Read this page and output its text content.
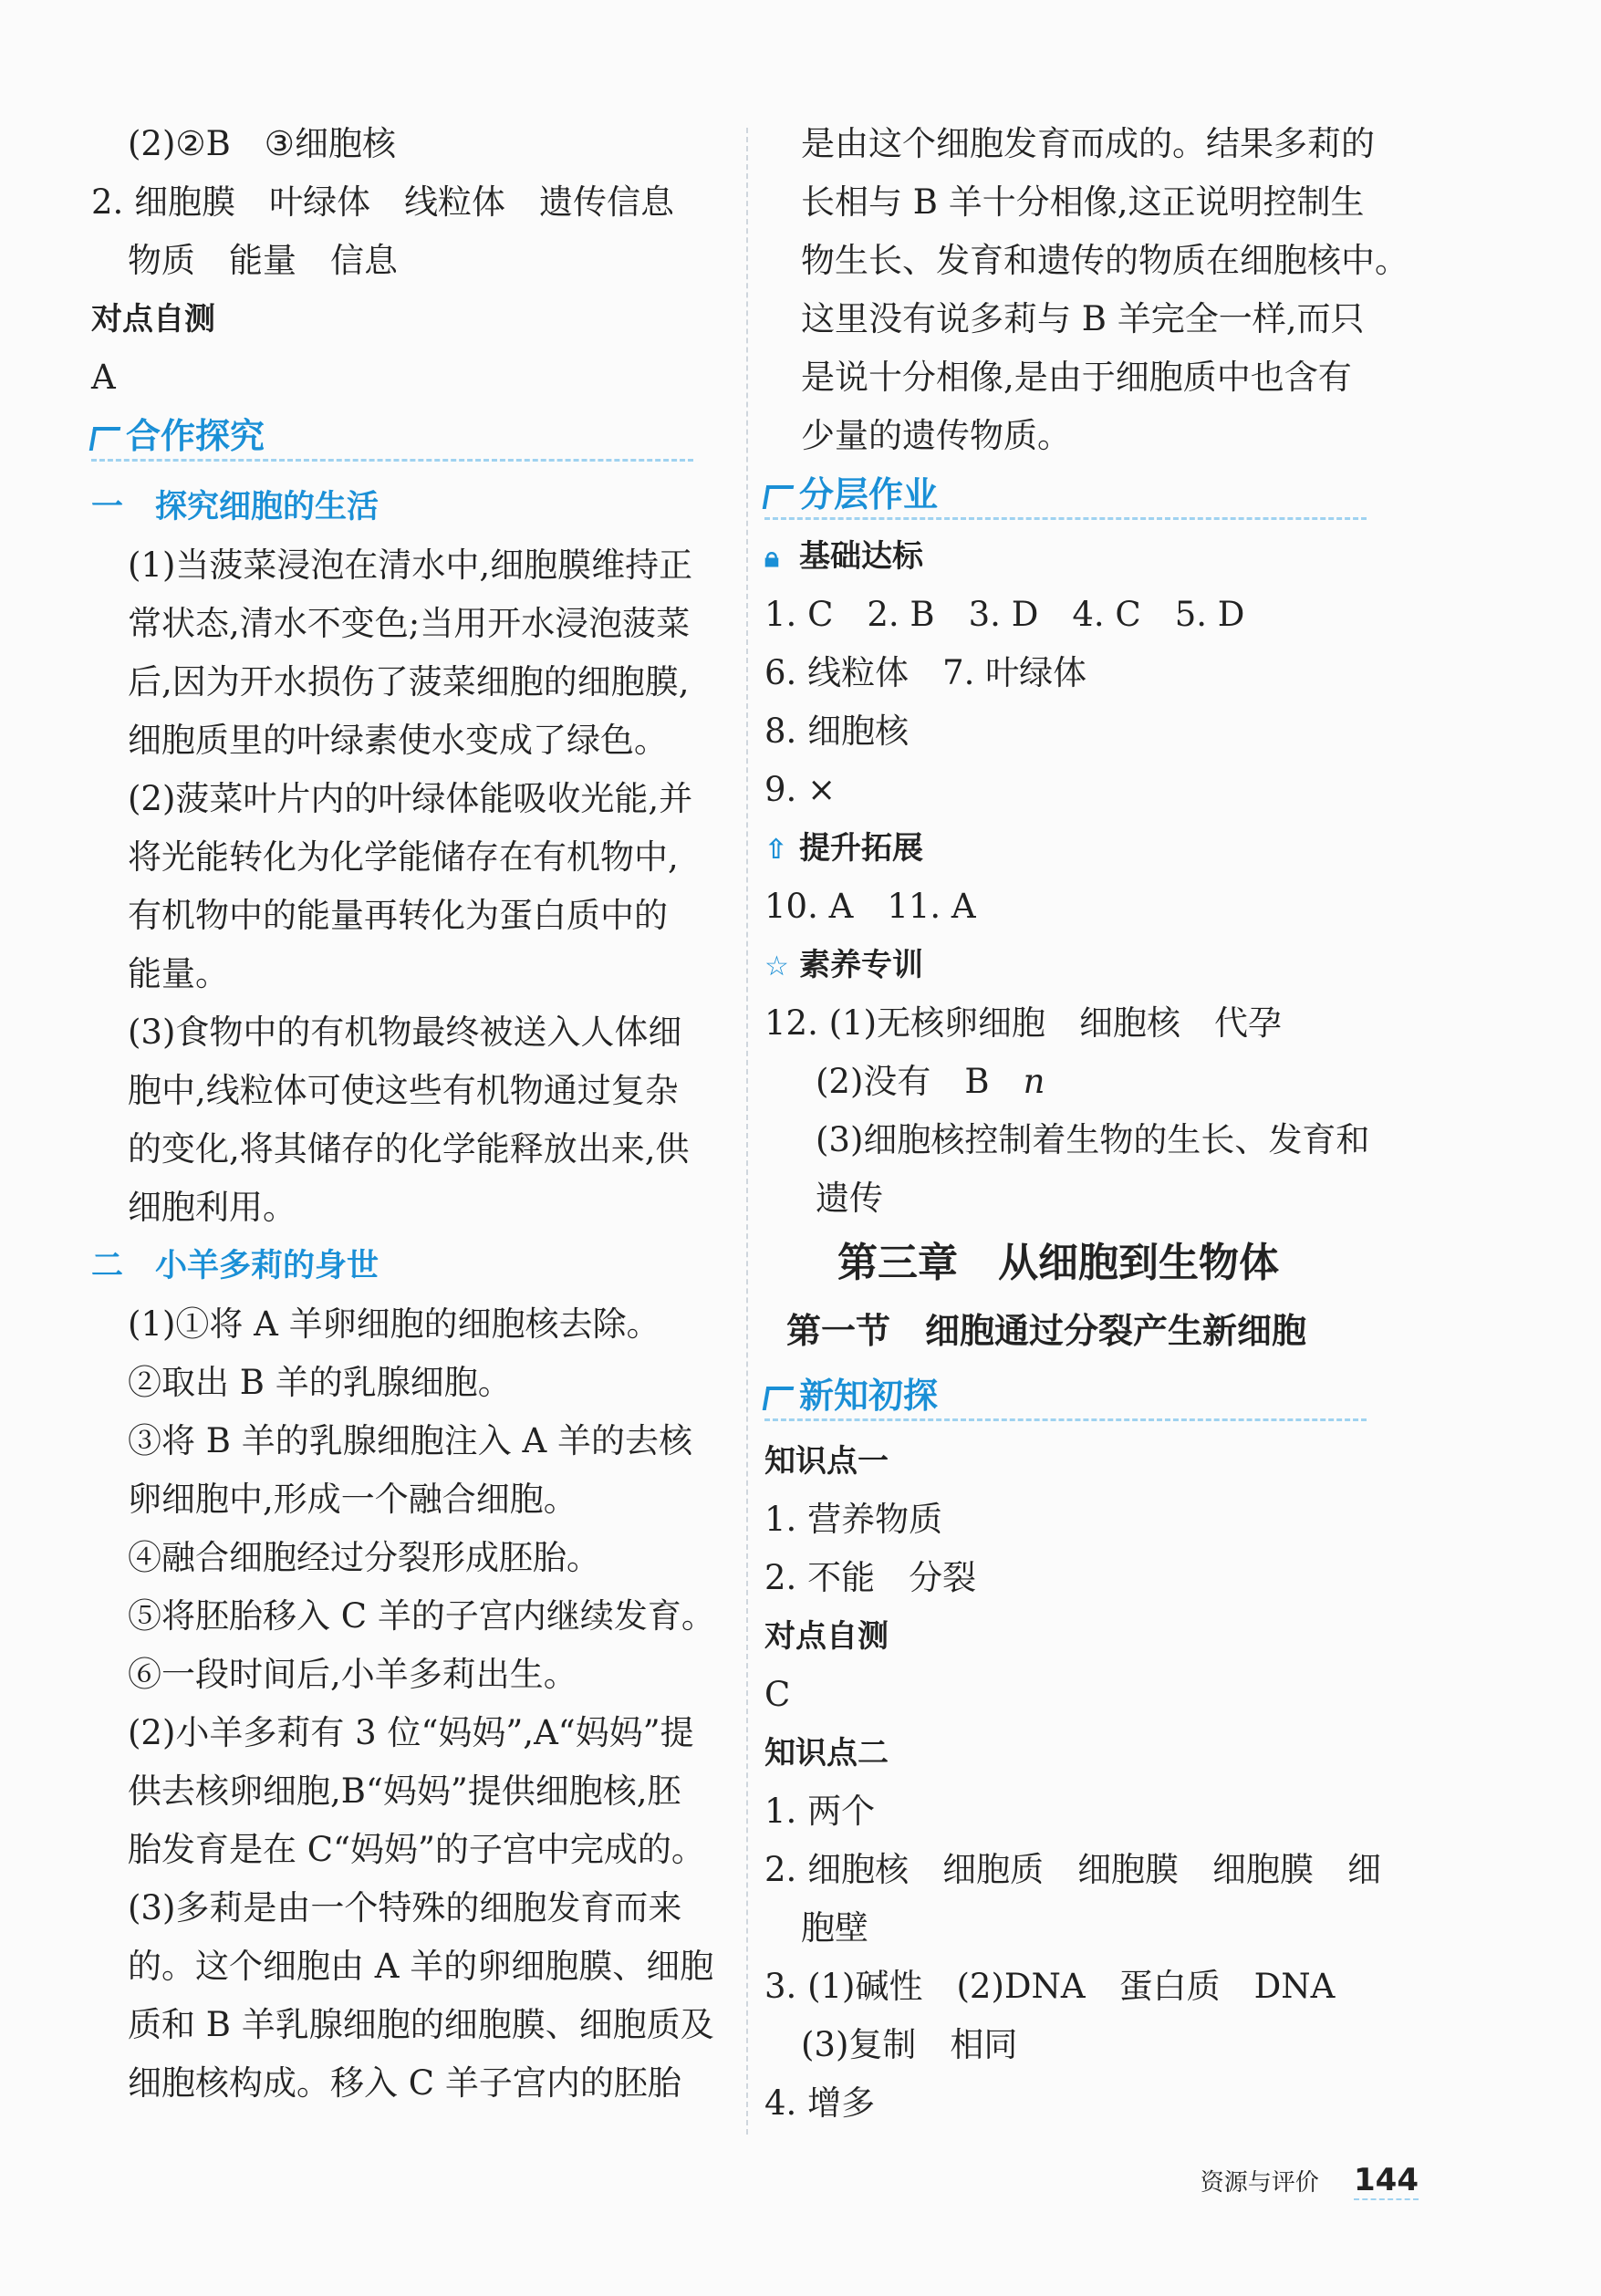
(2)②B　③细胞核
2. 细胞膜　叶绿体　线粒体　遗传信息
物质　能量　信息
对点自测
A
合作探究
一 探究细胞的生活
(1)当菠菜浸泡在清水中,细胞膜维持正
常状态,清水不变色;当用开水浸泡菠菜
后,因为开水损伤了菠菜细胞的细胞膜,
细胞质里的叶绿素使水变成了绿色。
(2)菠菜叶片内的叶绿体能吸收光能,并
将光能转化为化学能储存在有机物中,
有机物中的能量再转化为蛋白质中的
能量。
(3)食物中的有机物最终被送入人体细
胞中,线粒体可使这些有机物通过复杂
的变化,将其储存的化学能释放出来,供
细胞利用。
二 小羊多莉的身世
(1)①将 A 羊卵细胞的细胞核去除。
②取出 B 羊的乳腺细胞。
③将 B 羊的乳腺细胞注入 A 羊的去核
卵细胞中,形成一个融合细胞。
④融合细胞经过分裂形成胚胎。
⑤将胚胎移入 C 羊的子宫内继续发育。
⑥一段时间后,小羊多莉出生。
(2)小羊多莉有 3 位“妈妈”,A“妈妈”提
供去核卵细胞,B“妈妈”提供细胞核,胚
胎发育是在 C“妈妈”的子宫中完成的。
(3)多莉是由一个特殊的细胞发育而来
的。这个细胞由 A 羊的卵细胞膜、细胞
质和 B 羊乳腺细胞的细胞膜、细胞质及
细胞核构成。移入 C 羊子宫内的胚胎
是由这个细胞发育而成的。结果多莉的
长相与 B 羊十分相像,这正说明控制生
物生长、发育和遗传的物质在细胞核中。
这里没有说多莉与 B 羊完全一样,而只
是说十分相像,是由于细胞质中也含有
少量的遗传物质。
分层作业
🔒︎ 基础达标
1. C　2. B　3. D　4. C　5. D
6. 线粒体　7. 叶绿体
8. 细胞核
9. ×
⇧ 提升拓展
10. A　11. A
☆ 素养专训
12. (1)无核卵细胞　细胞核　代孕
(2)没有　B　n
(3)细胞核控制着生物的生长、发育和
遗传
第三章　从细胞到生物体
第一节　细胞通过分裂产生新细胞
新知初探
知识点一
1. 营养物质
2. 不能　分裂
对点自测
C
知识点二
1. 两个
2. 细胞核　细胞质　细胞膜　细胞膜　细
胞壁
3. (1)碱性　(2)DNA　蛋白质　DNA
(3)复制　相同
4. 增多
资源与评价 144
